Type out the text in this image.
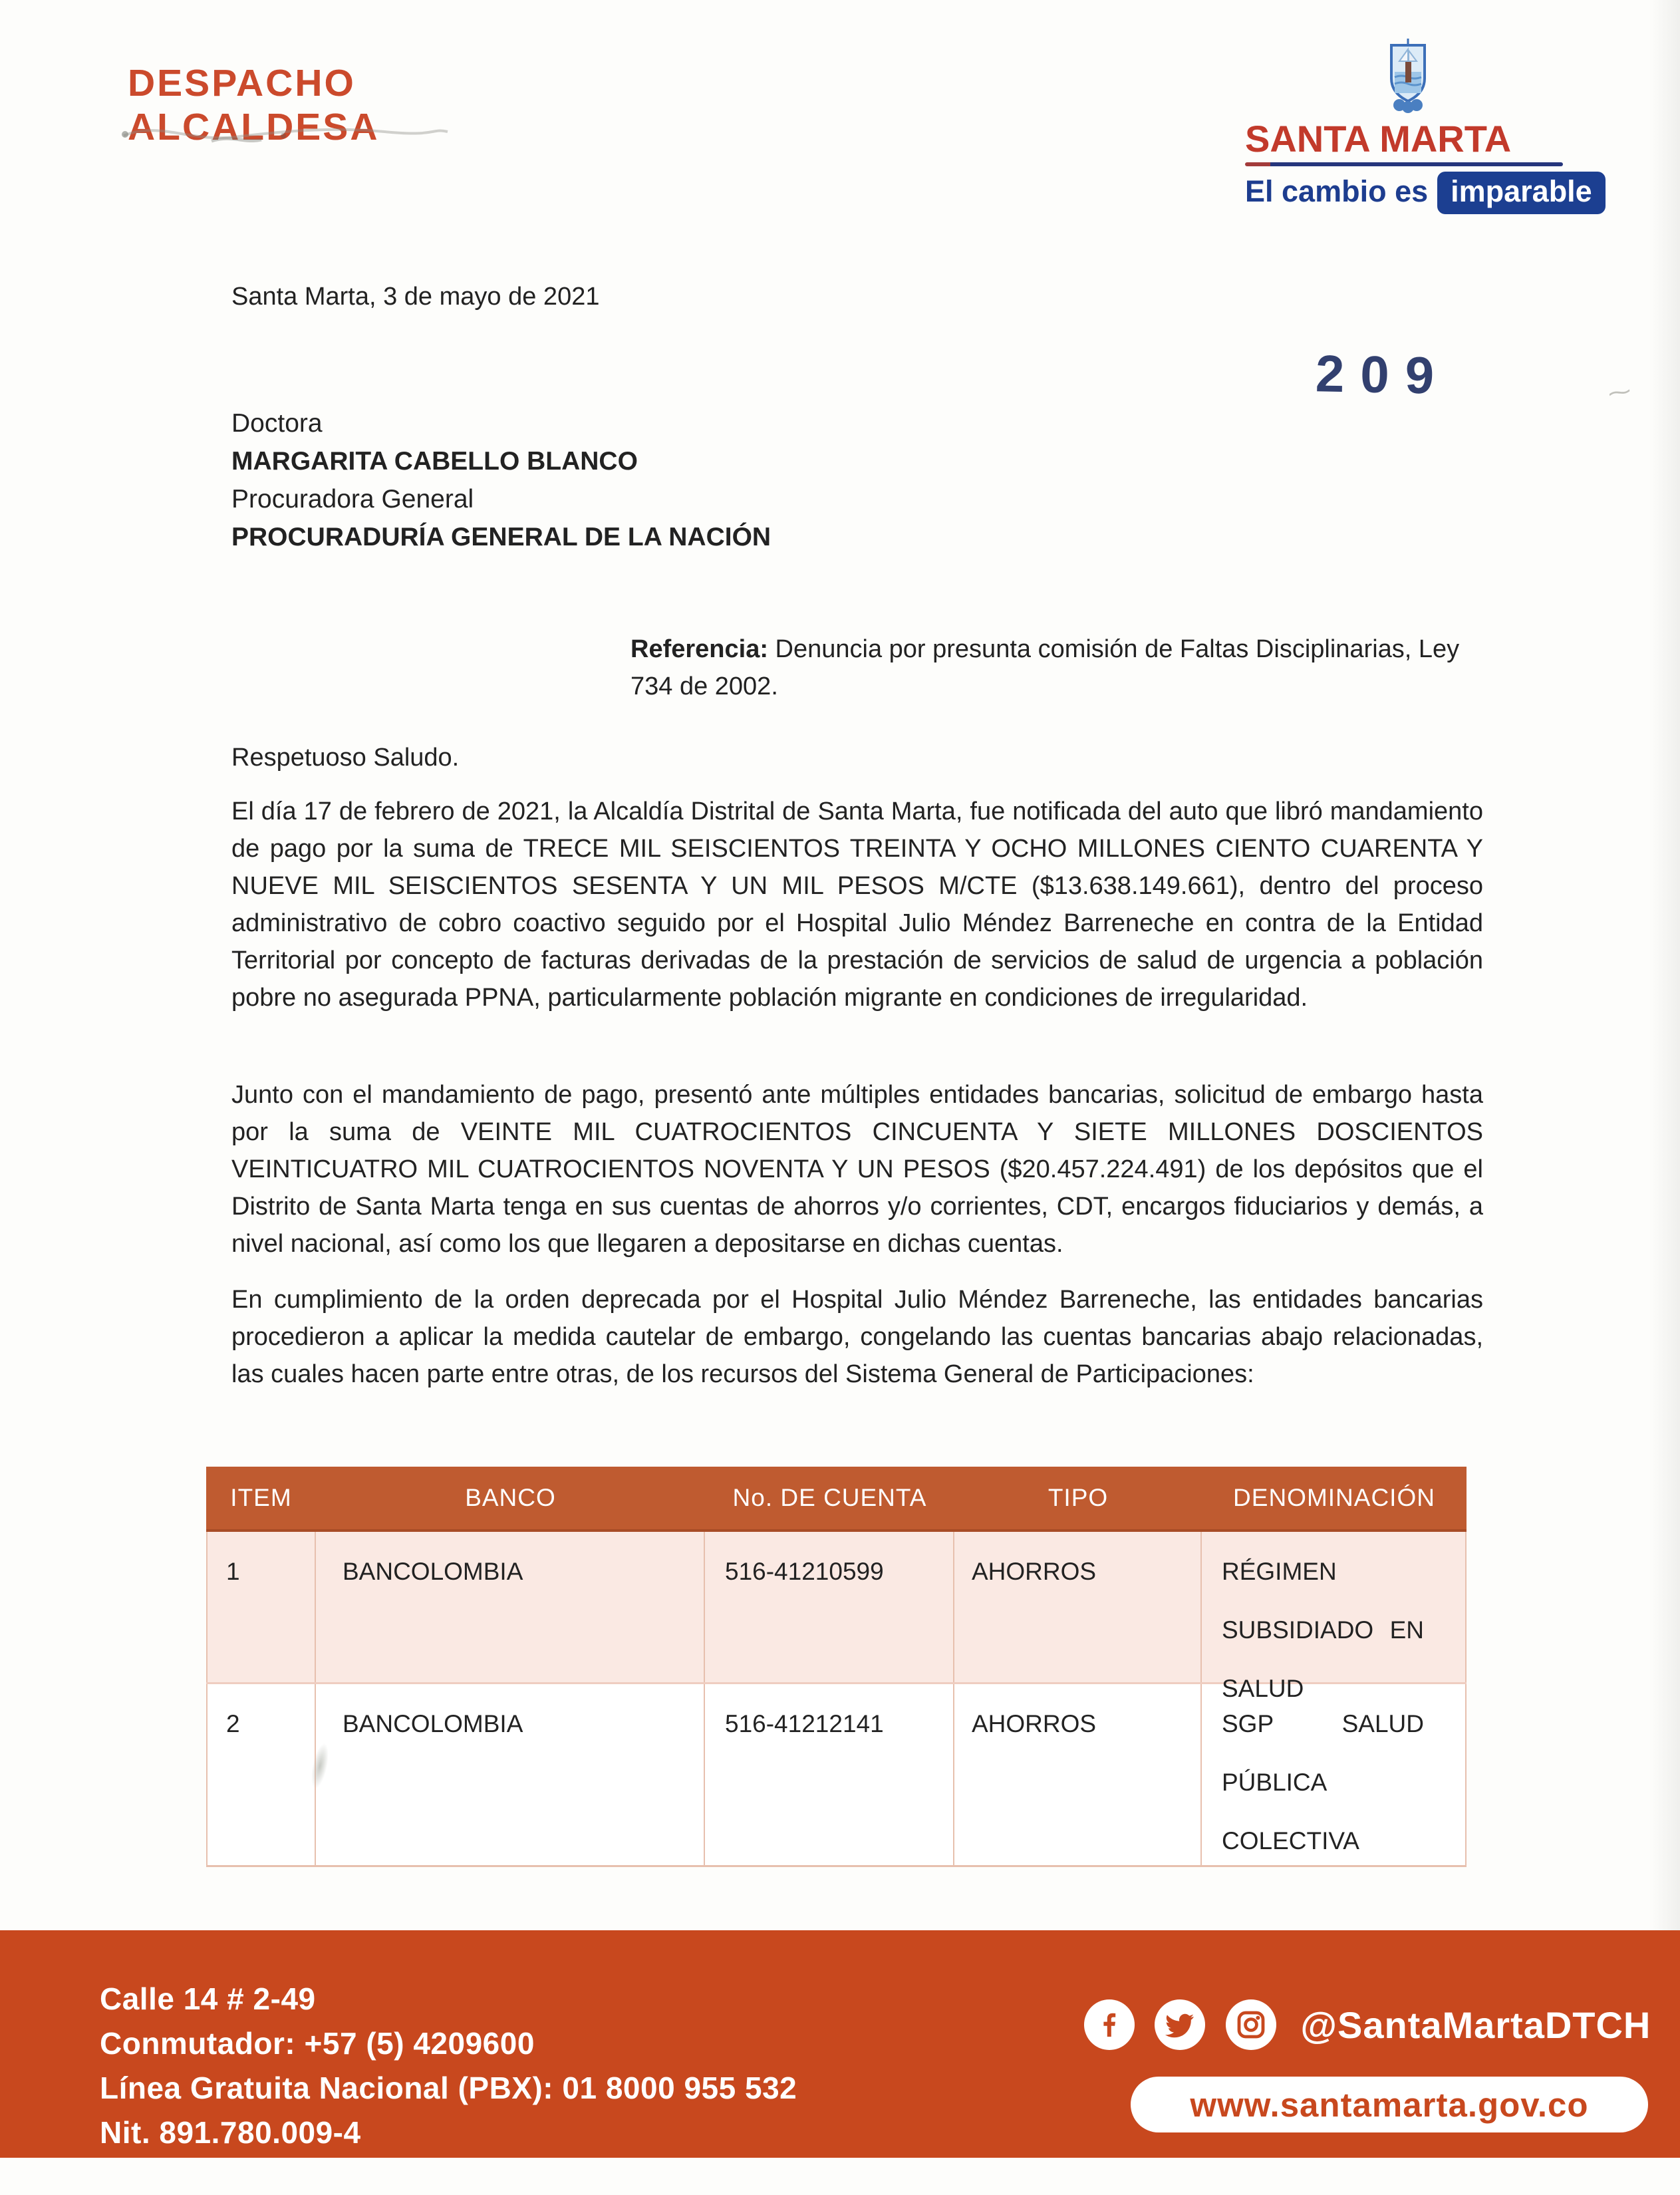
DESPACHO
ALCALDESA	SANTA MARTA
El cambio es imparable
Santa Marta, 3 de mayo de 2021
209	⁓
Doctora
MARGARITA CABELLO BLANCO
Procuradora General
PROCURADURÍA GENERAL DE LA NACIÓN
Referencia: Denuncia por presunta comisión de Faltas Disciplinarias, Ley 734 de 2002.
Respetuoso Saludo.
El día 17 de febrero de 2021, la Alcaldía Distrital de Santa Marta, fue notificada del auto que libró mandamiento de pago por la suma de TRECE MIL SEISCIENTOS TREINTA Y OCHO MILLONES CIENTO CUARENTA Y NUEVE MIL SEISCIENTOS SESENTA Y UN MIL PESOS M/CTE ($13.638.149.661), dentro del proceso administrativo de cobro coactivo seguido por el Hospital Julio Méndez Barreneche en contra de la Entidad Territorial por concepto de facturas derivadas de la prestación de servicios de salud de urgencia a población pobre no asegurada PPNA, particularmente población migrante en condiciones de irregularidad.
Junto con el mandamiento de pago, presentó ante múltiples entidades bancarias, solicitud de embargo hasta por la suma de VEINTE MIL CUATROCIENTOS CINCUENTA Y SIETE MILLONES DOSCIENTOS VEINTICUATRO MIL CUATROCIENTOS NOVENTA Y UN PESOS ($20.457.224.491) de los depósitos que el Distrito de Santa Marta tenga en sus cuentas de ahorros y/o corrientes, CDT, encargos fiduciarios y demás, a nivel nacional, así como los que llegaren a depositarse en dichas cuentas.
En cumplimiento de la orden deprecada por el Hospital Julio Méndez Barreneche, las entidades bancarias procedieron a aplicar la medida cautelar de embargo, congelando las cuentas bancarias abajo relacionadas, las cuales hacen parte entre otras, de los recursos del Sistema General de Participaciones:
ITEM	BANCO	No. DE CUENTA	TIPO	DENOMINACIÓN
1	BANCOLOMBIA	516-41210599	AHORROS	RÉGIMEN SUBSIDIADO EN SALUD
2	BANCOLOMBIA	516-41212141	AHORROS	SGP SALUD PÚBLICA COLECTIVA
Calle 14 # 2-49
Conmutador: +57 (5) 4209600
Línea Gratuita Nacional (PBX): 01 8000 955 532
Nit. 891.780.009-4

@SantaMartaDTCH
www.santamarta.gov.co
